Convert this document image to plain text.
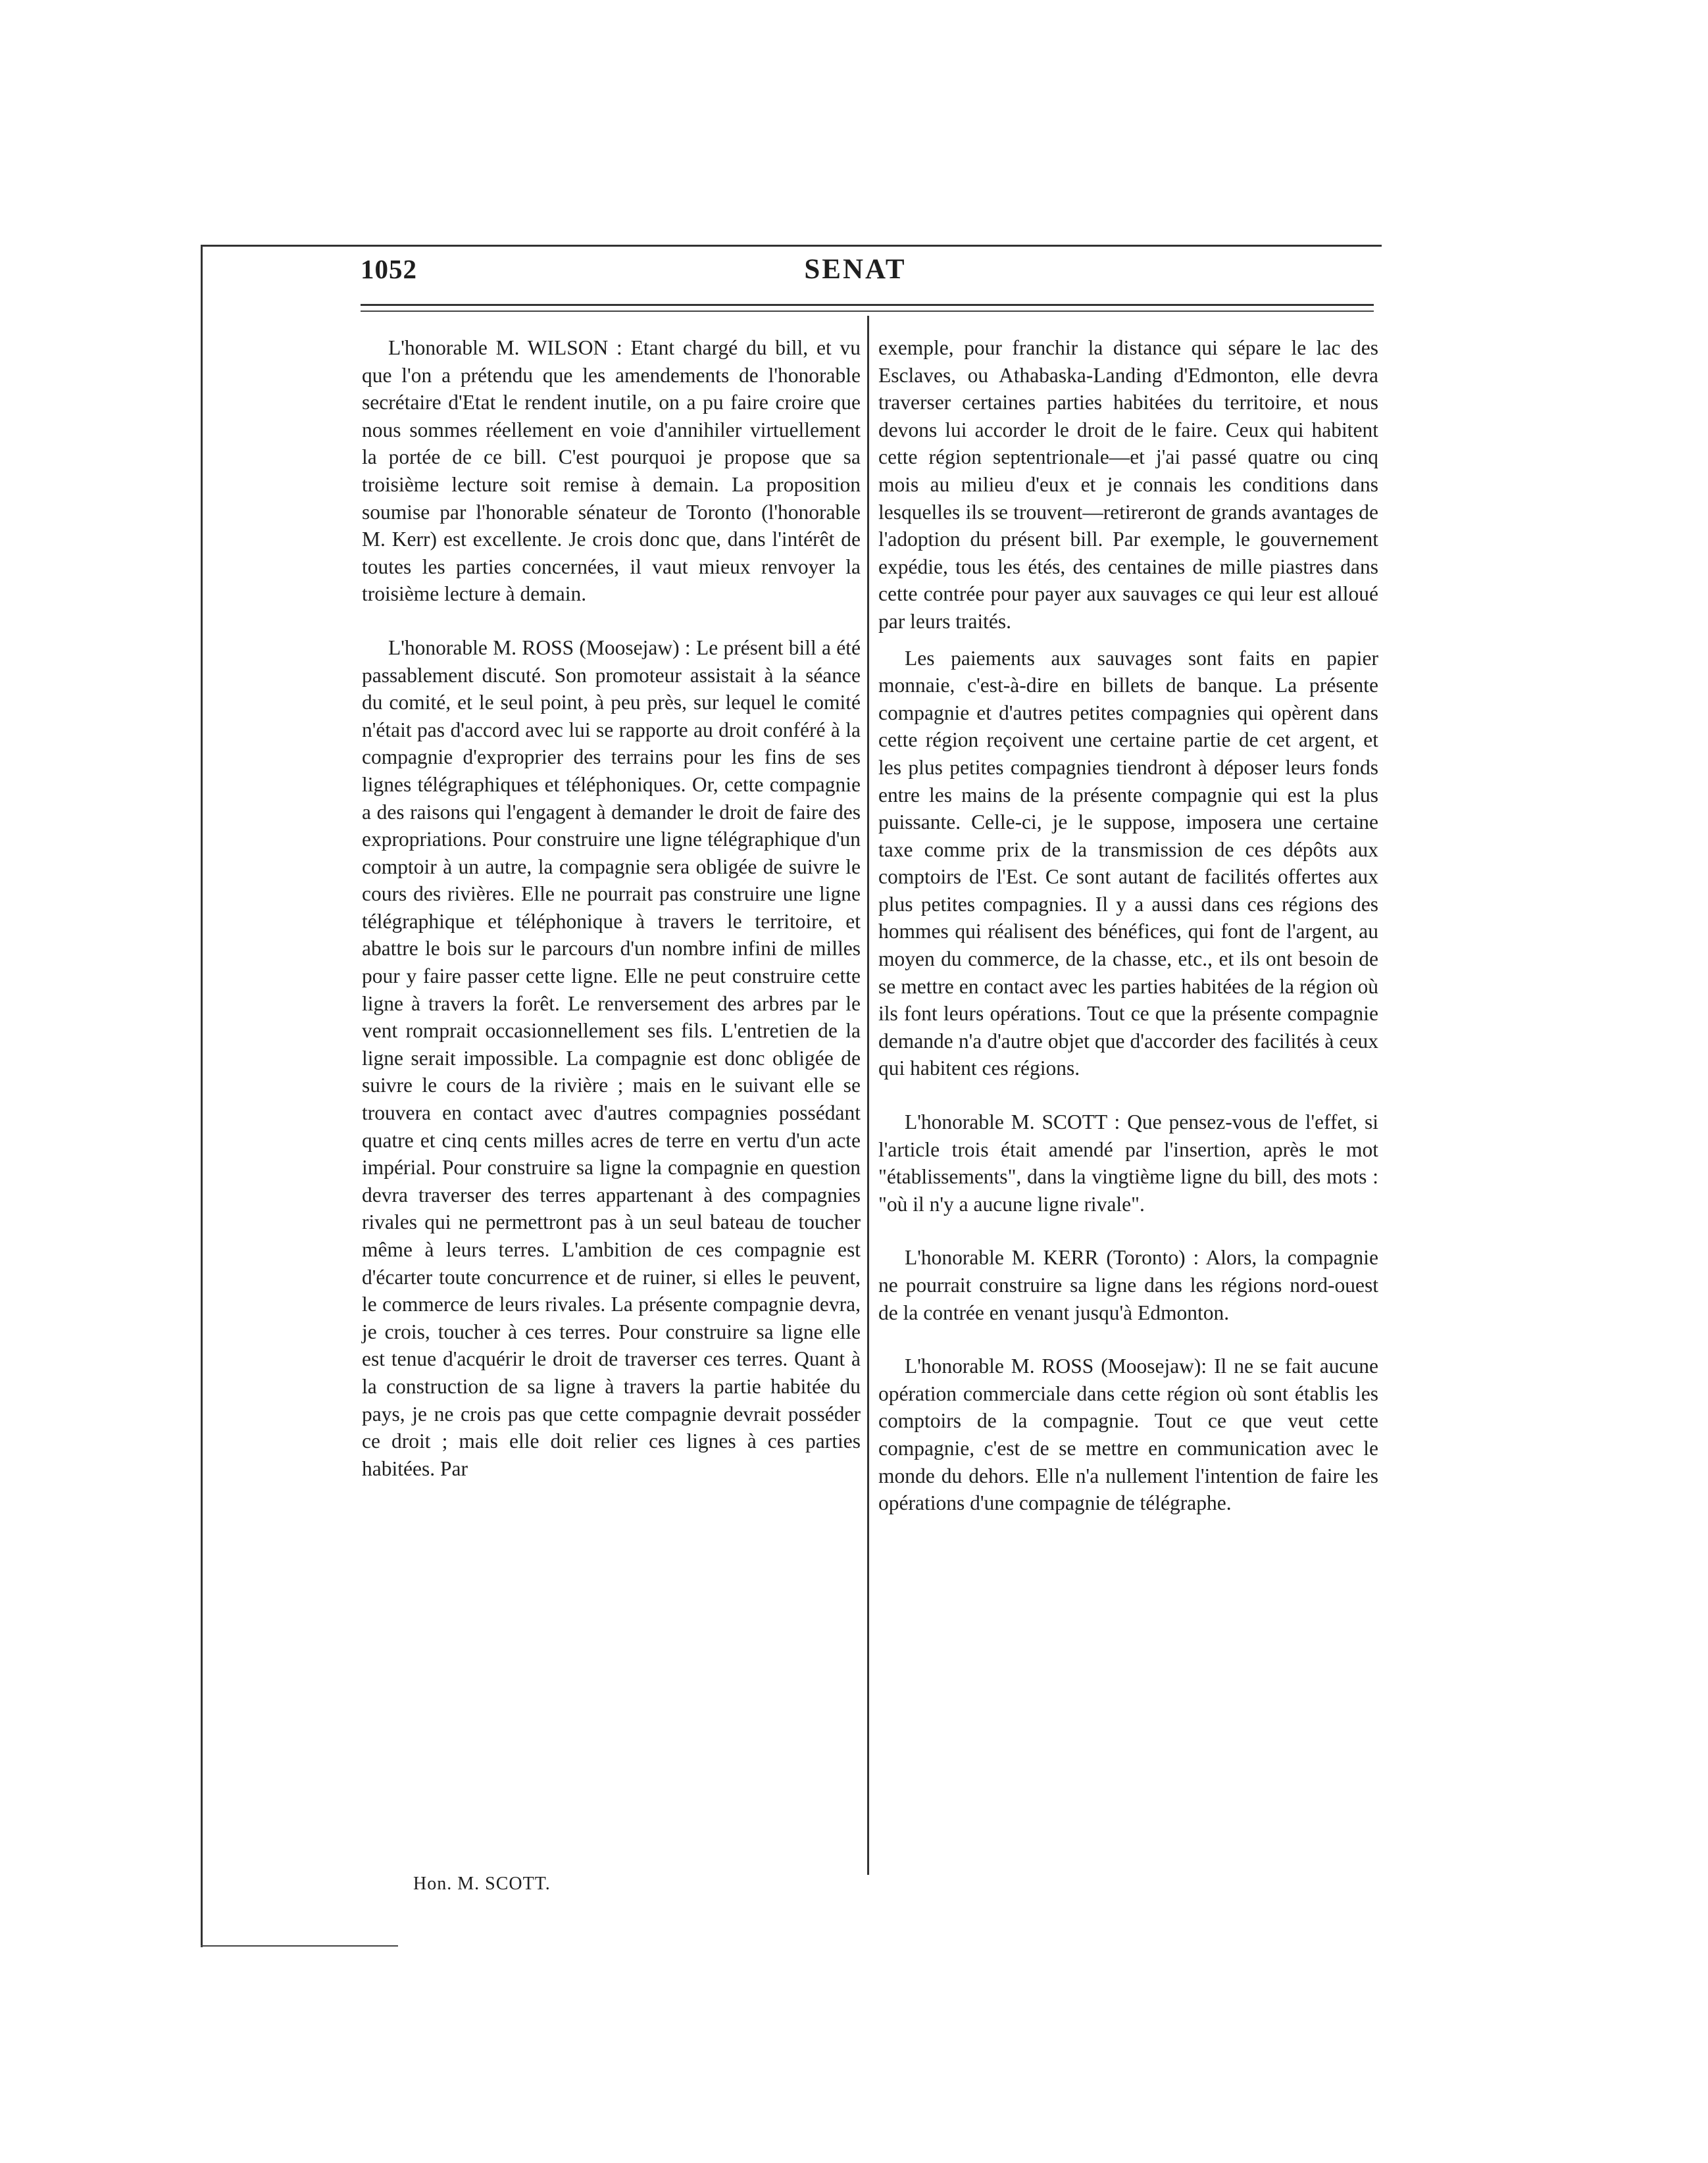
1052	SENAT

L'honorable M. WILSON : Etant chargé du bill, et vu que l'on a prétendu que les amendements de l'honorable secrétaire d'Etat le rendent inutile, on a pu faire croire que nous sommes réellement en voie d'annihiler virtuellement la portée de ce bill. C'est pourquoi je propose que sa troisième lecture soit remise à demain. La proposition soumise par l'honorable sénateur de Toronto (l'honorable M. Kerr) est excellente. Je crois donc que, dans l'intérêt de toutes les parties concernées, il vaut mieux renvoyer la troisième lecture à demain.

L'honorable M. ROSS (Moosejaw) : Le présent bill a été passablement discuté. Son promoteur assistait à la séance du comité, et le seul point, à peu près, sur lequel le comité n'était pas d'accord avec lui se rapporte au droit conféré à la compagnie d'exproprier des terrains pour les fins de ses lignes télégraphiques et téléphoniques. Or, cette compagnie a des raisons qui l'engagent à demander le droit de faire des expropriations. Pour construire une ligne télégraphique d'un comptoir à un autre, la compagnie sera obligée de suivre le cours des rivières. Elle ne pourrait pas construire une ligne télégraphique et téléphonique à travers le territoire, et abattre le bois sur le parcours d'un nombre infini de milles pour y faire passer cette ligne. Elle ne peut construire cette ligne à travers la forêt. Le renversement des arbres par le vent romprait occasionnellement ses fils. L'entretien de la ligne serait impossible. La compagnie est donc obligée de suivre le cours de la rivière ; mais en le suivant elle se trouvera en contact avec d'autres compagnies possédant quatre et cinq cents milles acres de terre en vertu d'un acte impérial. Pour construire sa ligne la compagnie en question devra traverser des terres appartenant à des compagnies rivales qui ne permettront pas à un seul bateau de toucher même à leurs terres. L'ambition de ces compagnie est d'écarter toute concurrence et de ruiner, si elles le peuvent, le commerce de leurs rivales. La présente compagnie devra, je crois, toucher à ces terres. Pour construire sa ligne elle est tenue d'acquérir le droit de traverser ces terres. Quant à la construction de sa ligne à travers la partie habitée du pays, je ne crois pas que cette compagnie devrait posséder ce droit ; mais elle doit relier ces lignes à ces parties habitées. Par

exemple, pour franchir la distance qui sépare le lac des Esclaves, ou Athabaska-Landing d'Edmonton, elle devra traverser certaines parties habitées du territoire, et nous devons lui accorder le droit de le faire. Ceux qui habitent cette région septentrionale—et j'ai passé quatre ou cinq mois au milieu d'eux et je connais les conditions dans lesquelles ils se trouvent—retireront de grands avantages de l'adoption du présent bill. Par exemple, le gouvernement expédie, tous les étés, des centaines de mille piastres dans cette contrée pour payer aux sauvages ce qui leur est alloué par leurs traités.

Les paiements aux sauvages sont faits en papier monnaie, c'est-à-dire en billets de banque. La présente compagnie et d'autres petites compagnies qui opèrent dans cette région reçoivent une certaine partie de cet argent, et les plus petites compagnies tiendront à déposer leurs fonds entre les mains de la présente compagnie qui est la plus puissante. Celle-ci, je le suppose, imposera une certaine taxe comme prix de la transmission de ces dépôts aux comptoirs de l'Est. Ce sont autant de facilités offertes aux plus petites compagnies. Il y a aussi dans ces régions des hommes qui réalisent des bénéfices, qui font de l'argent, au moyen du commerce, de la chasse, etc., et ils ont besoin de se mettre en contact avec les parties habitées de la région où ils font leurs opérations. Tout ce que la présente compagnie demande n'a d'autre objet que d'accorder des facilités à ceux qui habitent ces régions.

L'honorable M. SCOTT : Que pensez-vous de l'effet, si l'article trois était amendé par l'insertion, après le mot "établissements", dans la vingtième ligne du bill, des mots : "où il n'y a aucune ligne rivale".

L'honorable M. KERR (Toronto) : Alors, la compagnie ne pourrait construire sa ligne dans les régions nord-ouest de la contrée en venant jusqu'à Edmonton.

L'honorable M. ROSS (Moosejaw): Il ne se fait aucune opération commerciale dans cette région où sont établis les comptoirs de la compagnie. Tout ce que veut cette compagnie, c'est de se mettre en communication avec le monde du dehors. Elle n'a nullement l'intention de faire les opérations d'une compagnie de télégraphe.

Hon. M. SCOTT.
